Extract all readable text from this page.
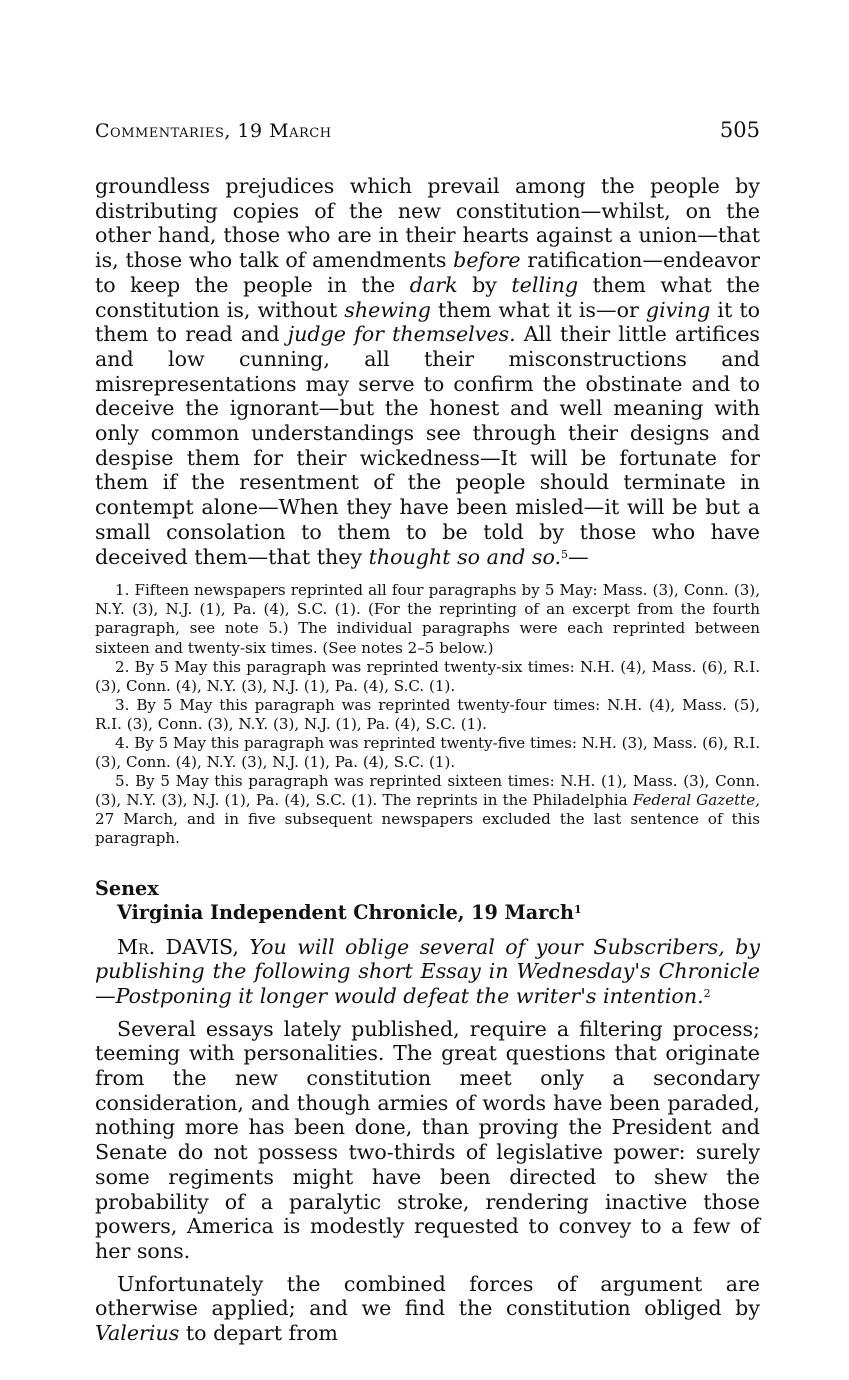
Commentaries, 19 March	505

groundless prejudices which prevail among the people by distributing copies of the new constitution—whilst, on the other hand, those who are in their hearts against a union—that is, those who talk of amendments before ratification—endeavor to keep the people in the dark by telling them what the constitution is, without shewing them what it is—or giving it to them to read and judge for themselves. All their little artifices and low cunning, all their misconstructions and misrepresentations may serve to confirm the obstinate and to deceive the ignorant—but the honest and well meaning with only common understandings see through their designs and despise them for their wickedness—It will be fortunate for them if the resentment of the people should terminate in contempt alone—When they have been misled—it will be but a small consolation to them to be told by those who have deceived them—that they thought so and so.$^5$—

1. Fifteen newspapers reprinted all four paragraphs by 5 May: Mass. (3), Conn. (3), N.Y. (3), N.J. (1), Pa. (4), S.C. (1). (For the reprinting of an excerpt from the fourth paragraph, see note 5.) The individual paragraphs were each reprinted between sixteen and twenty-six times. (See notes 2–5 below.)

2. By 5 May this paragraph was reprinted twenty-six times: N.H. (4), Mass. (6), R.I. (3), Conn. (4), N.Y. (3), N.J. (1), Pa. (4), S.C. (1).

3. By 5 May this paragraph was reprinted twenty-four times: N.H. (4), Mass. (5), R.I. (3), Conn. (3), N.Y. (3), N.J. (1), Pa. (4), S.C. (1).

4. By 5 May this paragraph was reprinted twenty-five times: N.H. (3), Mass. (6), R.I. (3), Conn. (4), N.Y. (3), N.J. (1), Pa. (4), S.C. (1).

5. By 5 May this paragraph was reprinted sixteen times: N.H. (1), Mass. (3), Conn. (3), N.Y. (3), N.J. (1), Pa. (4), S.C. (1). The reprints in the Philadelphia Federal Gazette, 27 March, and in five subsequent newspapers excluded the last sentence of this paragraph.

Senex
Virginia Independent Chronicle, 19 March$^1$

Mr. DAVIS, You will oblige several of your Subscribers, by publishing the following short Essay in Wednesday's Chronicle—Postponing it longer would defeat the writer's intention.$^2$

Several essays lately published, require a filtering process; teeming with personalities. The great questions that originate from the new constitution meet only a secondary consideration, and though armies of words have been paraded, nothing more has been done, than proving the President and Senate do not possess two-thirds of legislative power: surely some regiments might have been directed to shew the probability of a paralytic stroke, rendering inactive those powers, America is modestly requested to convey to a few of her sons.

Unfortunately the combined forces of argument are otherwise applied; and we find the constitution obliged by Valerius to depart from
